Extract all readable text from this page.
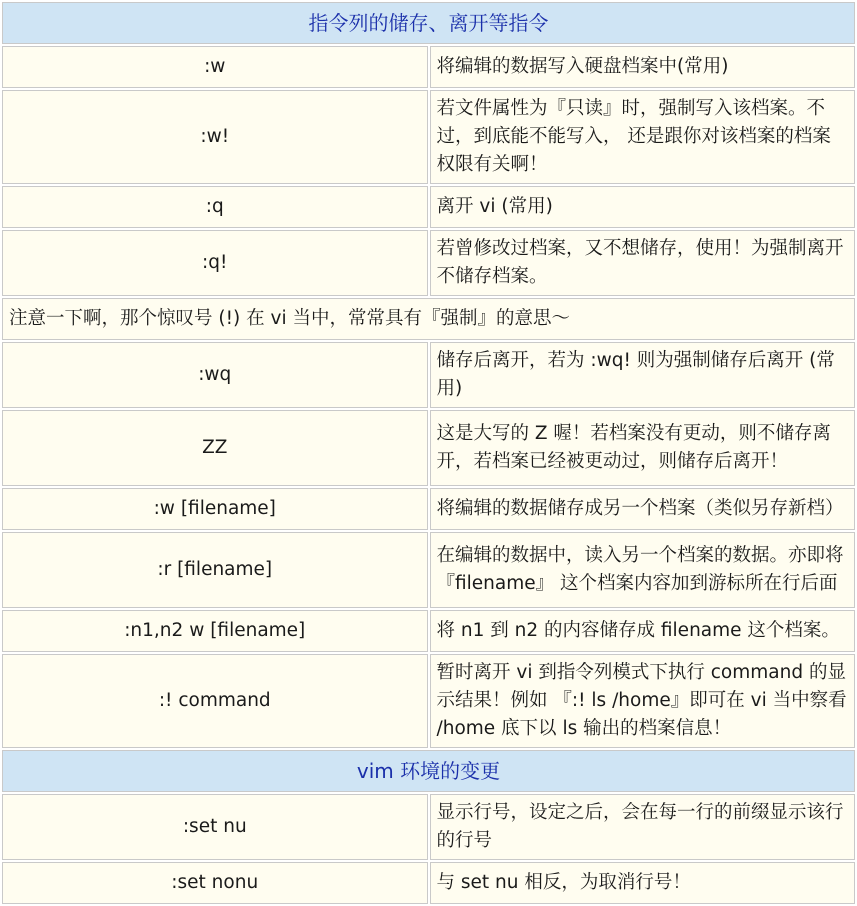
指令列的储存、离开等指令	
:w	将编辑的数据写入硬盘档案中(常用)
:w!	若文件属性为『只读』时，强制写入该档案。不过，到底能不能写入， 还是跟你对该档案的档案权限有关啊！
:q	离开 vi (常用)
:q!	若曾修改过档案，又不想储存，使用！为强制离开不储存档案。
注意一下啊，那个惊叹号 (!) 在 vi 当中，常常具有『强制』的意思～	
:wq	储存后离开，若为 :wq! 则为强制储存后离开 (常用)
ZZ	这是大写的 Z 喔！若档案没有更动，则不储存离开，若档案已经被更动过，则储存后离开！
:w [filename]	将编辑的数据储存成另一个档案（类似另存新档）
:r [filename]	在编辑的数据中，读入另一个档案的数据。亦即将 『filename』 这个档案内容加到游标所在行后面
:n1,n2 w [filename]	将 n1 到 n2 的内容储存成 filename 这个档案。
:! command	暂时离开 vi 到指令列模式下执行 command 的显示结果！例如 『:! ls /home』即可在 vi 当中察看 /home 底下以 ls 输出的档案信息！
vim 环境的变更	
:set nu	显示行号，设定之后，会在每一行的前缀显示该行的行号
:set nonu	与 set nu 相反，为取消行号！
